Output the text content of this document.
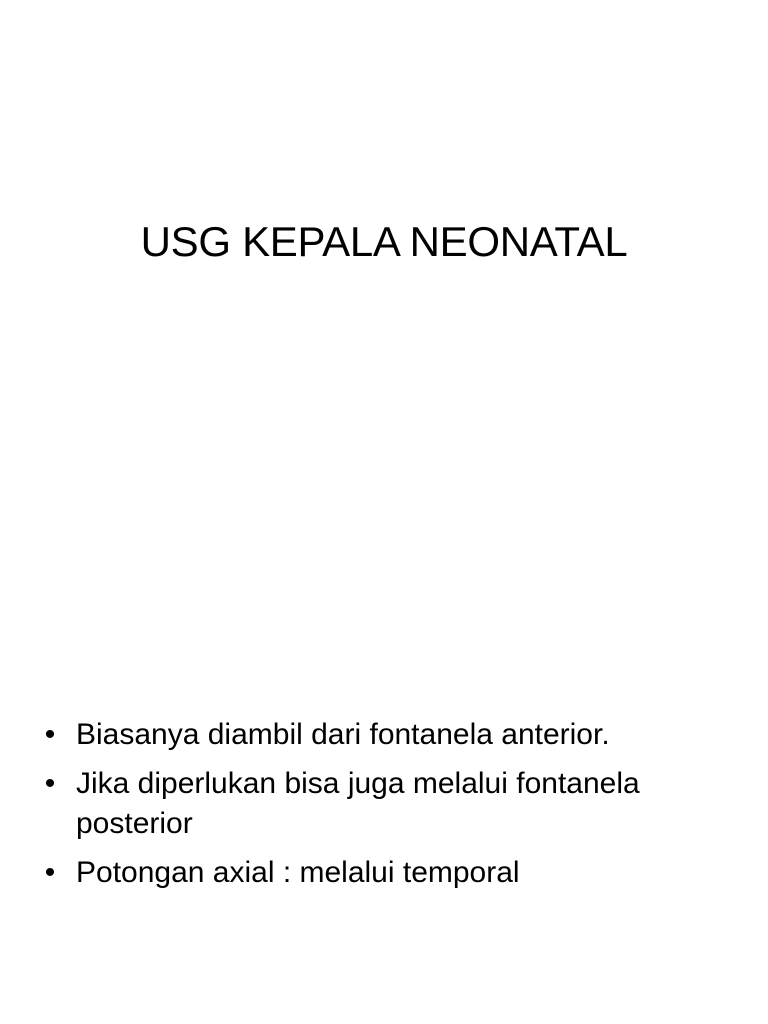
USG KEPALA NEONATAL
• Biasanya diambil dari fontanela anterior.
• Jika diperlukan bisa juga melalui fontanela posterior
• Potongan axial : melalui temporal
